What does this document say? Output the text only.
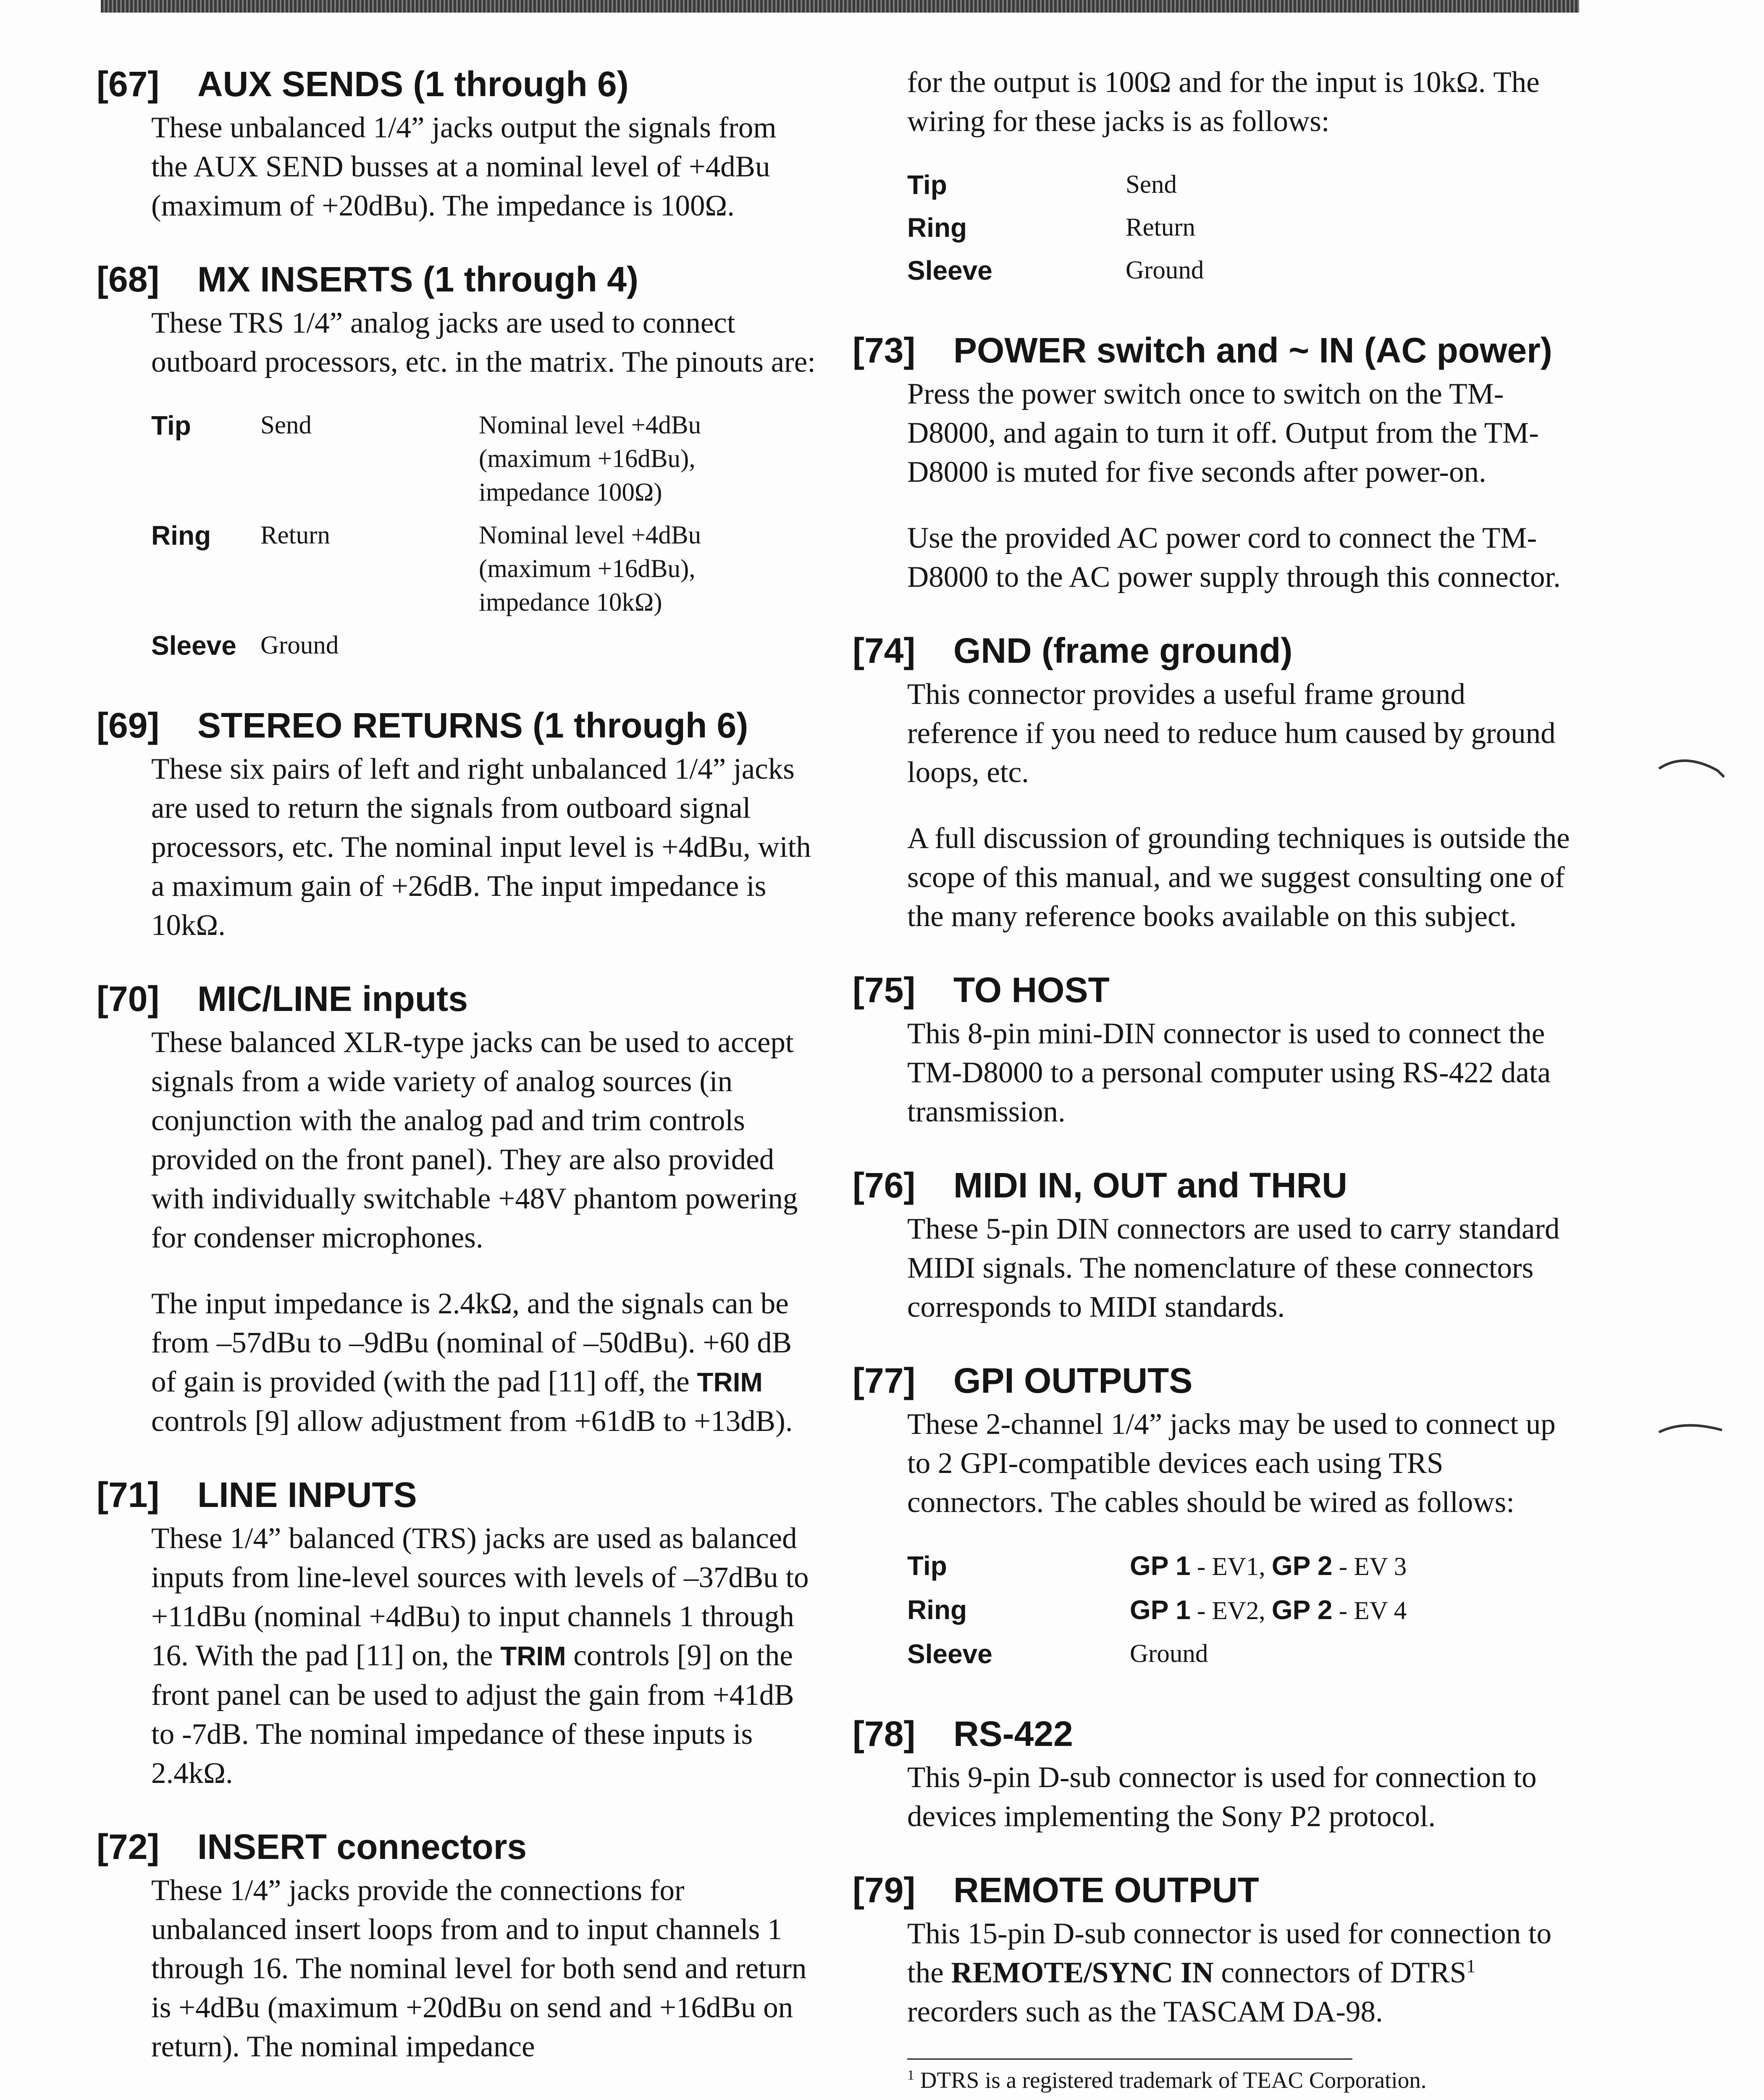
[67] AUX SENDS (1 through 6)

These unbalanced 1/4” jacks output the signals from the AUX SEND busses at a nominal level of +4dBu (maximum of +20dBu). The impedance is 100Ω.

[68] MX INSERTS (1 through 4)

These TRS 1/4” analog jacks are used to connect outboard processors, etc. in the matrix. The pinouts are:

Tip	Send	Nominal level +4dBu (maximum +16dBu), impedance 100Ω)
Ring	Return	Nominal level +4dBu (maximum +16dBu), impedance 10kΩ)
Sleeve	Ground	
[69] STEREO RETURNS (1 through 6)

These six pairs of left and right unbalanced 1/4” jacks are used to return the signals from outboard signal processors, etc. The nominal input level is +4dBu, with a maximum gain of +26dB. The input impedance is 10kΩ.

[70] MIC/LINE inputs

These balanced XLR-type jacks can be used to accept signals from a wide variety of analog sources (in conjunction with the analog pad and trim controls provided on the front panel). They are also provided with individually switchable +48V phantom powering for condenser microphones.

The input impedance is 2.4kΩ, and the signals can be from –57dBu to –9dBu (nominal of –50dBu). +60 dB of gain is provided (with the pad [11] off, the TRIM controls [9] allow adjustment from +61dB to +13dB).

[71] LINE INPUTS

These 1/4” balanced (TRS) jacks are used as balanced inputs from line-level sources with levels of –37dBu to +11dBu (nominal +4dBu) to input channels 1 through 16. With the pad [11] on, the TRIM controls [9] on the front panel can be used to adjust the gain from +41dB to -7dB. The nominal impedance of these inputs is 2.4kΩ.

[72] INSERT connectors

These 1/4” jacks provide the connections for unbalanced insert loops from and to input channels 1 through 16. The nominal level for both send and return is +4dBu (maximum +20dBu on send and +16dBu on return). The nominal impedance

for the output is 100Ω and for the input is 10kΩ. The wiring for these jacks is as follows:

Tip	Send
Ring	Return
Sleeve	Ground
[73] POWER switch and ~ IN (AC power)

Press the power switch once to switch on the TM-D8000, and again to turn it off. Output from the TM-D8000 is muted for five seconds after power-on.

Use the provided AC power cord to connect the TM-D8000 to the AC power supply through this connector.

[74] GND (frame ground)

This connector provides a useful frame ground reference if you need to reduce hum caused by ground loops, etc.

A full discussion of grounding techniques is outside the scope of this manual, and we suggest consulting one of the many reference books available on this subject.

[75] TO HOST

This 8-pin mini-DIN connector is used to connect the TM-D8000 to a personal computer using RS-422 data transmission.

[76] MIDI IN, OUT and THRU

These 5-pin DIN connectors are used to carry standard MIDI signals. The nomenclature of these connectors corresponds to MIDI standards.

[77] GPI OUTPUTS

These 2-channel 1/4” jacks may be used to connect up to 2 GPI-compatible devices each using TRS connectors. The cables should be wired as follows:

Tip	GP 1 - EV1, GP 2 - EV 3
Ring	GP 1 - EV2, GP 2 - EV 4
Sleeve	Ground
[78] RS-422

This 9-pin D-sub connector is used for connection to devices implementing the Sony P2 protocol.

[79] REMOTE OUTPUT

This 15-pin D-sub connector is used for connection to the REMOTE/SYNC IN connectors of DTRS$^1$ recorders such as the TASCAM DA-98.

$^1$ DTRS is a registered trademark of TEAC Corporation.
